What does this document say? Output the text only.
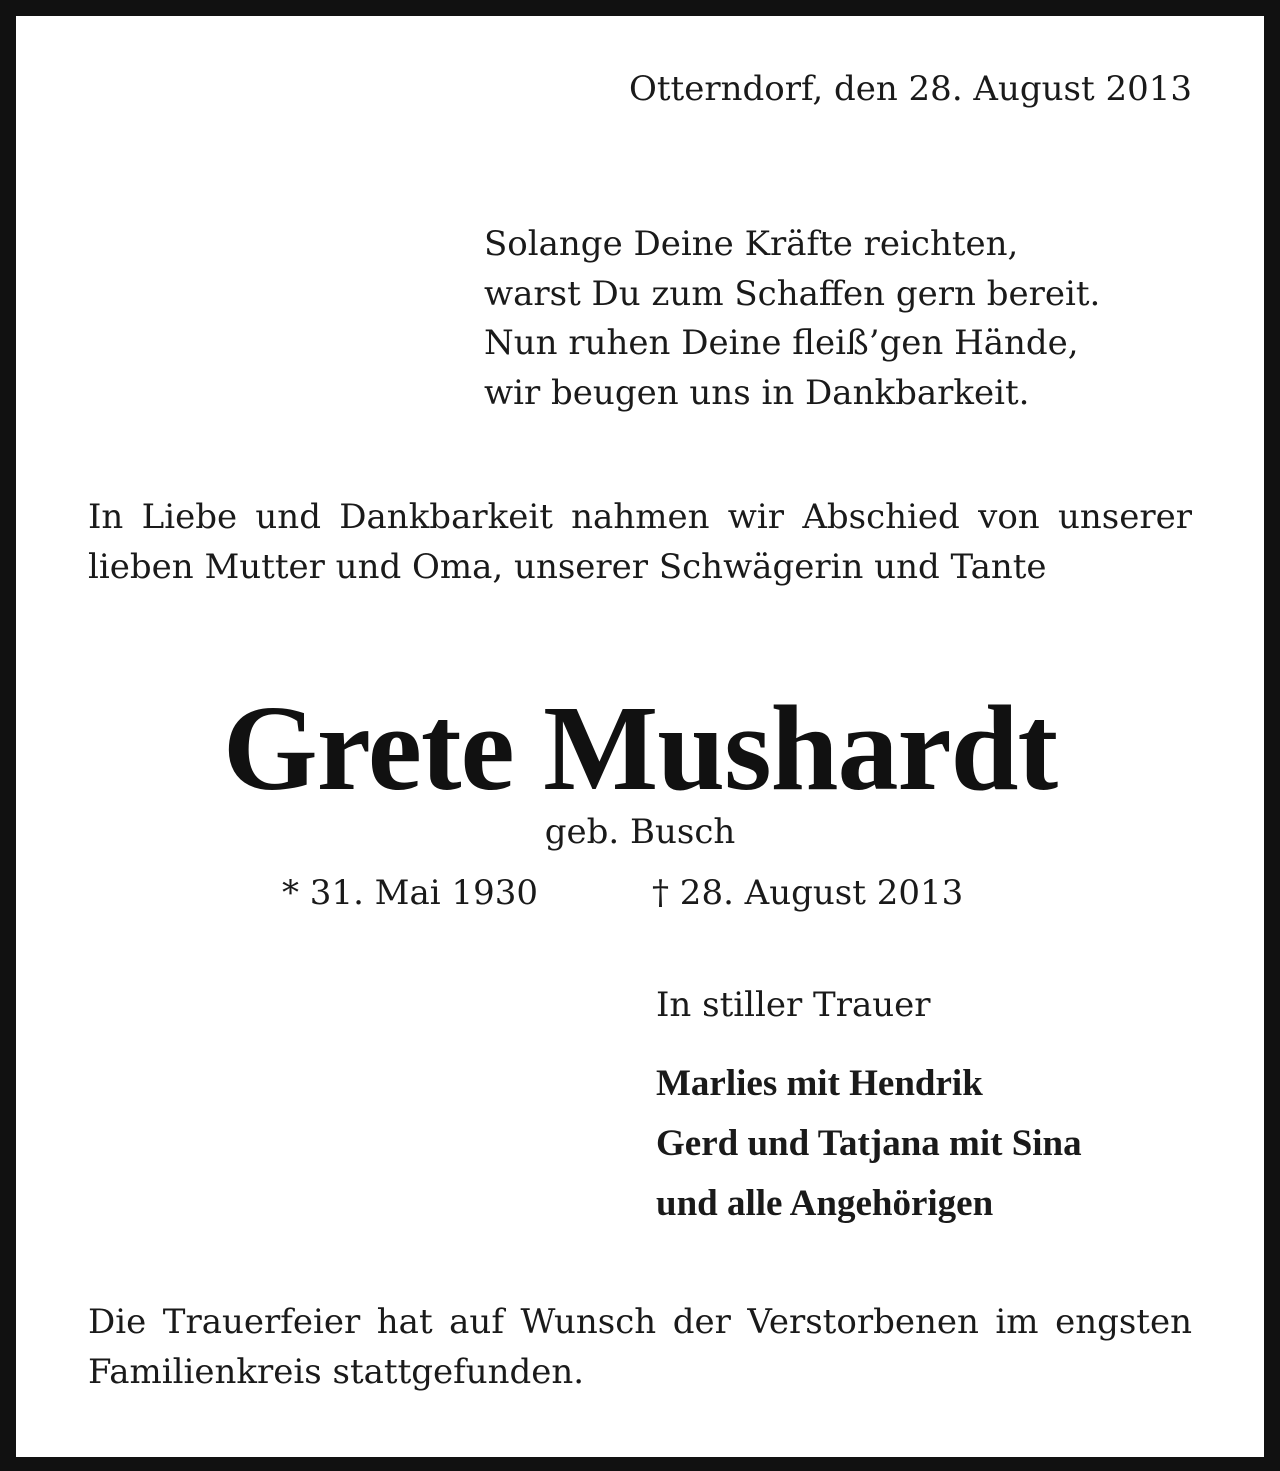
Otterndorf, den 28. August 2013

Solange Deine Kräfte reichten,
warst Du zum Schaffen gern bereit.
Nun ruhen Deine fleiß’gen Hände,
wir beugen uns in Dankbarkeit.

In Liebe und Dankbarkeit nahmen wir Abschied von unserer lieben Mutter und Oma, unserer Schwägerin und Tante

Grete Mushardt
geb. Busch

* 31. Mai 1930	† 28. August 2013

In stiller Trauer

Marlies mit Hendrik
Gerd und Tatjana mit Sina
und alle Angehörigen

Die Trauerfeier hat auf Wunsch der Verstorbenen im engsten Familienkreis stattgefunden.
